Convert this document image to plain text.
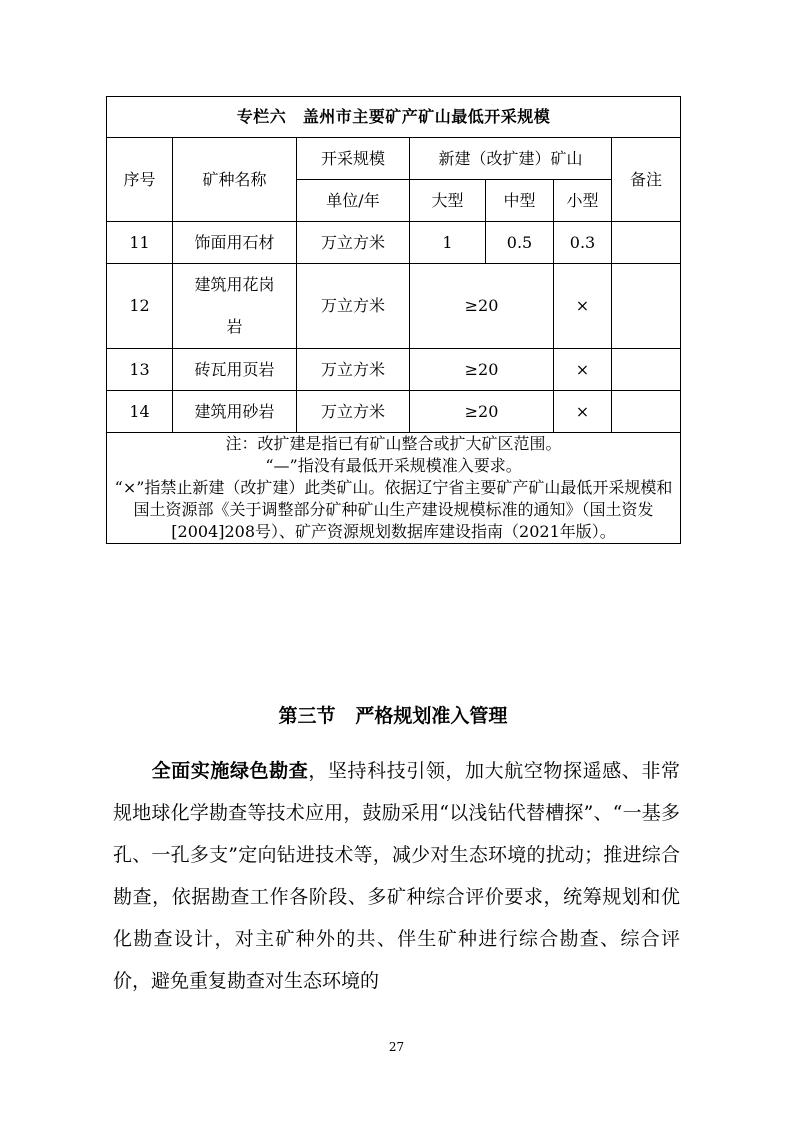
专栏六　盖州市主要矿产矿山最低开采规模						
序号	矿种名称	开采规模	新建（改扩建）矿山			备注
		单位/年	大型	中型	小型	
11	饰面用石材	万立方米	1	0.5	0.3	
12	建筑用花岗岩	万立方米	≥20		×	
13	砖瓦用页岩	万立方米	≥20		×	
14	建筑用砂岩	万立方米	≥20		×	

注：改扩建是指已有矿山整合或扩大矿区范围。
“—”指没有最低开采规模准入要求。
“×”指禁止新建（改扩建）此类矿山。依据辽宁省主要矿产矿山最低开采规模和国土资源部《关于调整部分矿种矿山生产建设规模标准的通知》（国土资发[2004]208号）、矿产资源规划数据库建设指南（2021年版）。						
第三节 严格规划准入管理
全面实施绿色勘查，坚持科技引领，加大航空物探遥感、非常规地球化学勘查等技术应用，鼓励采用“以浅钻代替槽探”、“一基多孔、一孔多支”定向钻进技术等，减少对生态环境的扰动；推进综合勘查，依据勘查工作各阶段、多矿种综合评价要求，统筹规划和优化勘查设计，对主矿种外的共、伴生矿种进行综合勘查、综合评价，避免重复勘查对生态环境的
27
